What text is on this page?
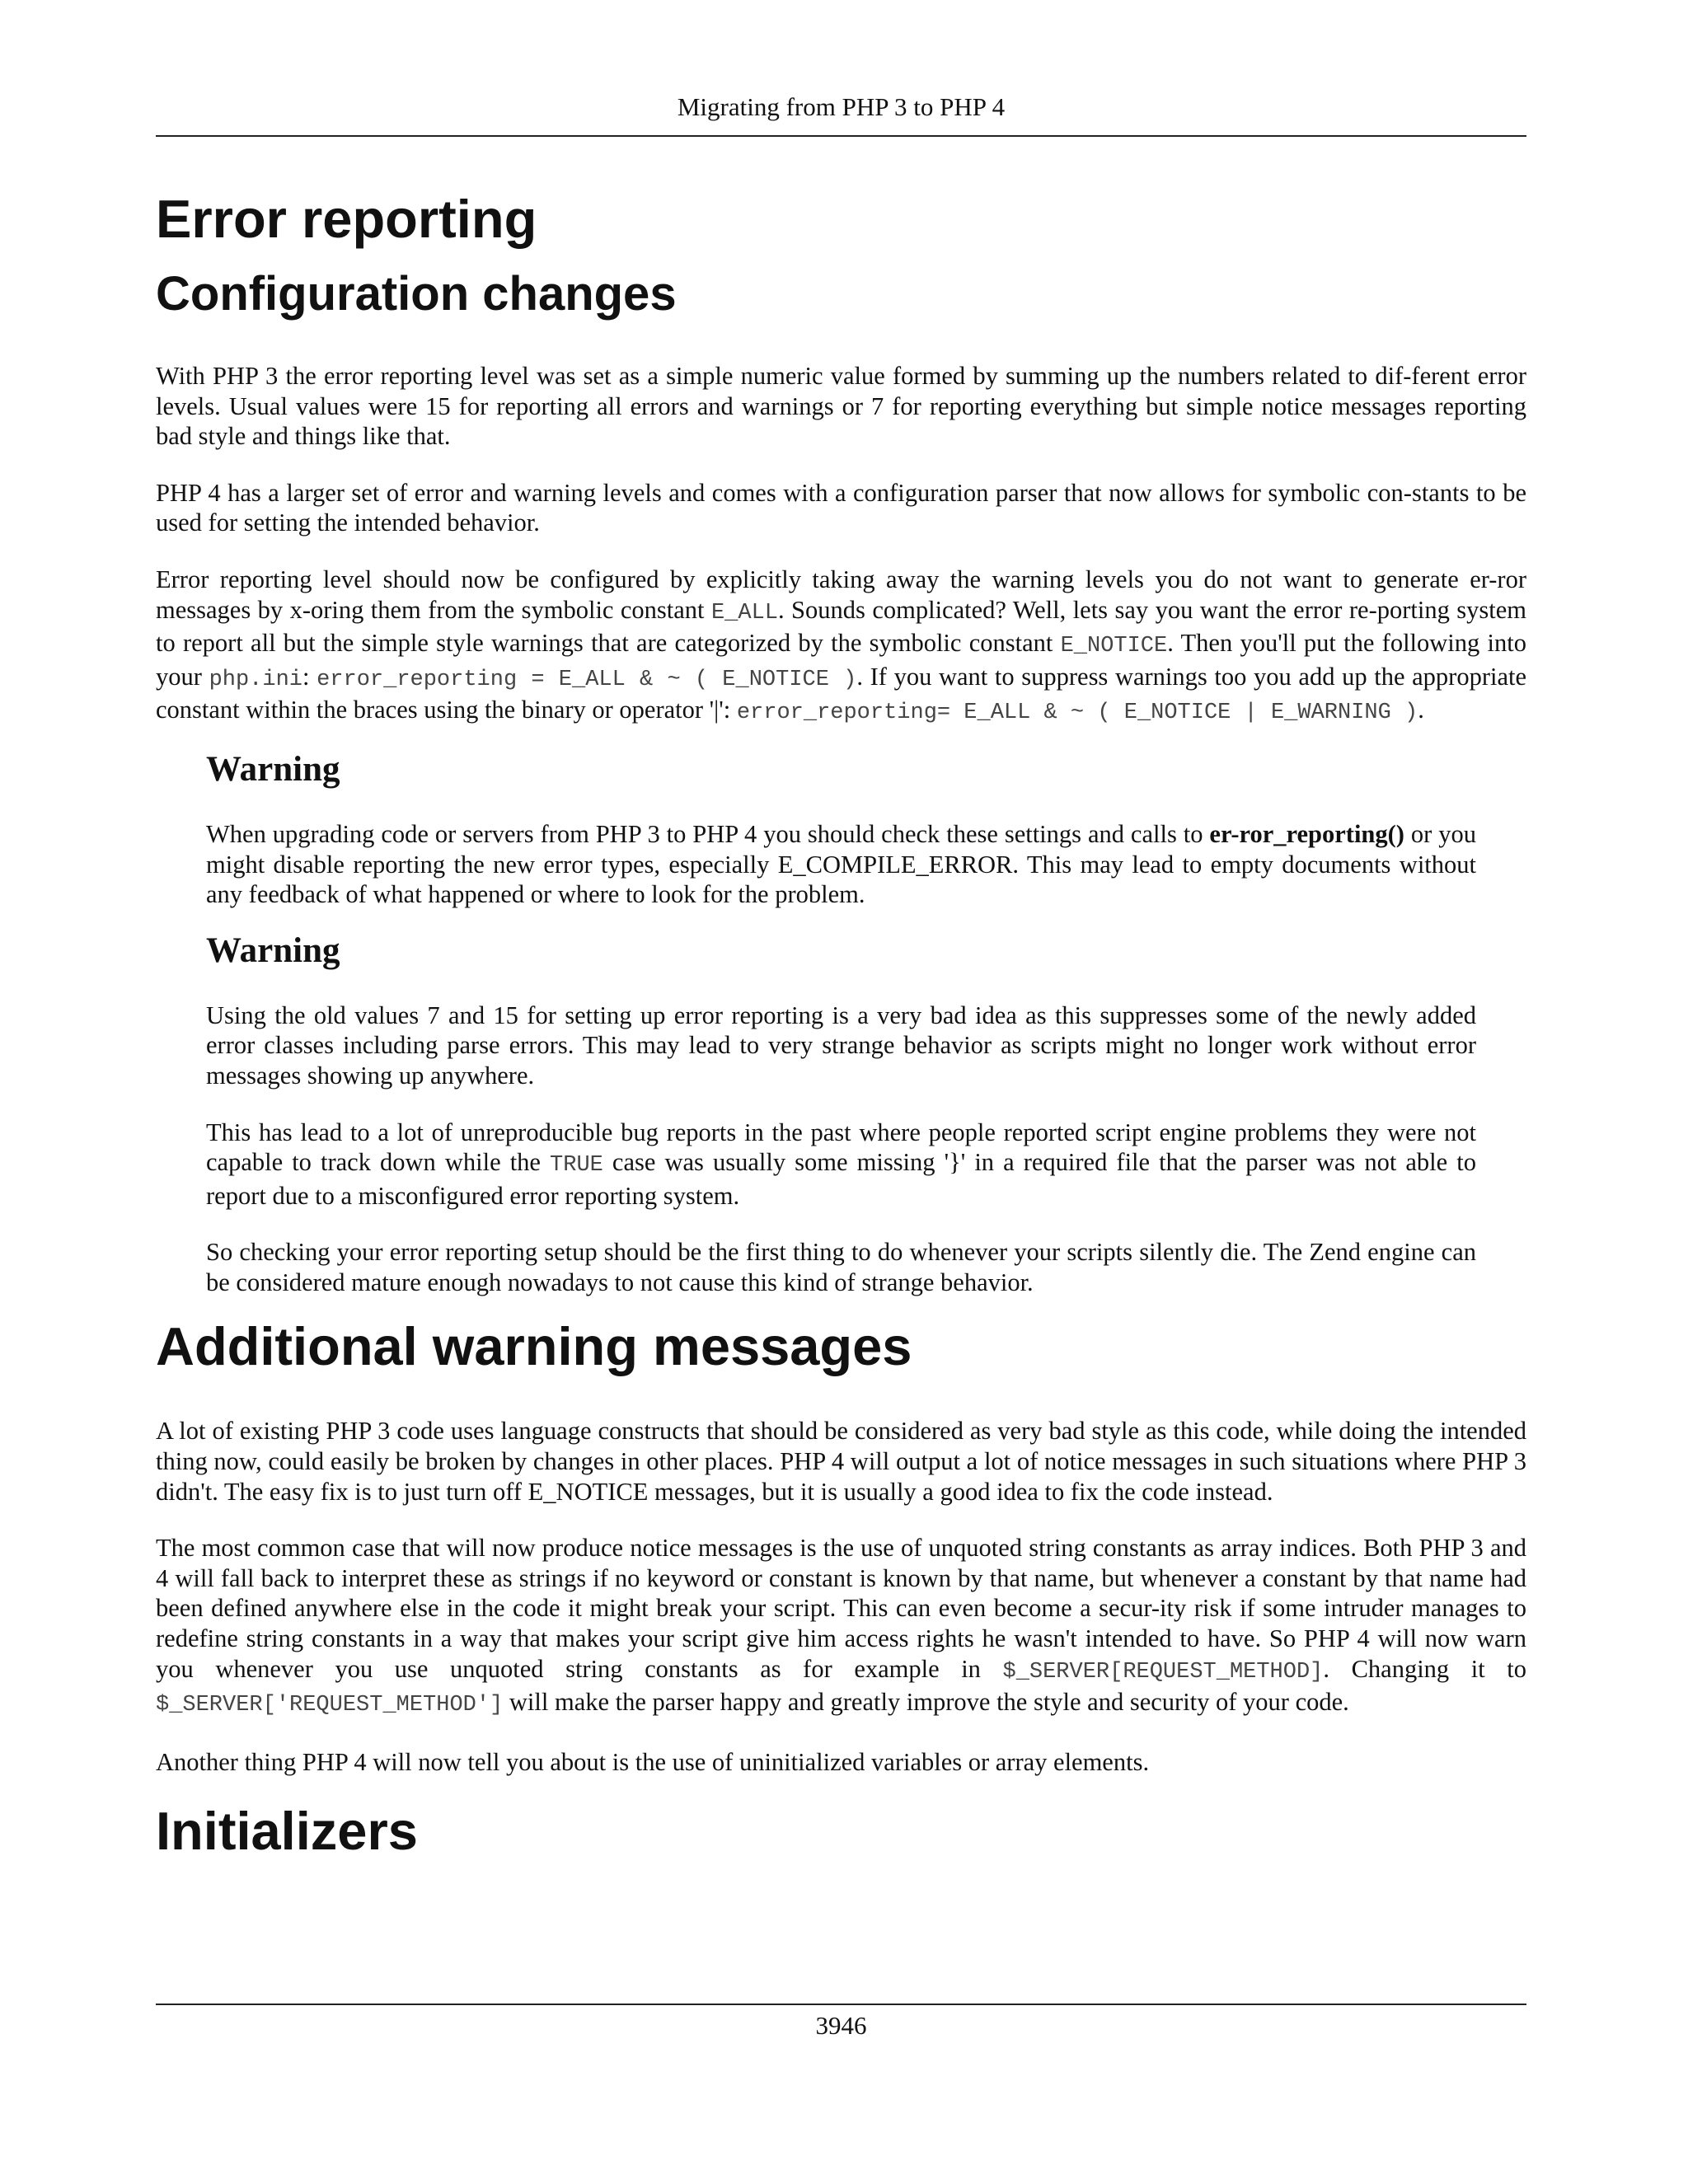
Migrating from PHP 3 to PHP 4
Error reporting
Configuration changes

With PHP 3 the error reporting level was set as a simple numeric value formed by summing up the numbers related to dif-ferent error levels. Usual values were 15 for reporting all errors and warnings or 7 for reporting everything but simple notice messages reporting bad style and things like that.

PHP 4 has a larger set of error and warning levels and comes with a configuration parser that now allows for symbolic con-stants to be used for setting the intended behavior.

Error reporting level should now be configured by explicitly taking away the warning levels you do not want to generate er-ror messages by x-oring them from the symbolic constant E_ALL. Sounds complicated? Well, lets say you want the error re-porting system to report all but the simple style warnings that are categorized by the symbolic constant E_NOTICE. Then you'll put the following into your php.ini: error_reporting = E_ALL & ~ ( E_NOTICE ). If you want to suppress warnings too you add up the appropriate constant within the braces using the binary or operator '|': error_reporting= E_ALL & ~ ( E_NOTICE | E_WARNING ).

Warning

When upgrading code or servers from PHP 3 to PHP 4 you should check these settings and calls to er-ror_reporting() or you might disable reporting the new error types, especially E_COMPILE_ERROR. This may lead to empty documents without any feedback of what happened or where to look for the problem.

Warning

Using the old values 7 and 15 for setting up error reporting is a very bad idea as this suppresses some of the newly added error classes including parse errors. This may lead to very strange behavior as scripts might no longer work without error messages showing up anywhere.

This has lead to a lot of unreproducible bug reports in the past where people reported script engine problems they were not capable to track down while the TRUE case was usually some missing '}' in a required file that the parser was not able to report due to a misconfigured error reporting system.

So checking your error reporting setup should be the first thing to do whenever your scripts silently die. The Zend engine can be considered mature enough nowadays to not cause this kind of strange behavior.

Additional warning messages

A lot of existing PHP 3 code uses language constructs that should be considered as very bad style as this code, while doing the intended thing now, could easily be broken by changes in other places. PHP 4 will output a lot of notice messages in such situations where PHP 3 didn't. The easy fix is to just turn off E_NOTICE messages, but it is usually a good idea to fix the code instead.

The most common case that will now produce notice messages is the use of unquoted string constants as array indices. Both PHP 3 and 4 will fall back to interpret these as strings if no keyword or constant is known by that name, but whenever a constant by that name had been defined anywhere else in the code it might break your script. This can even become a secur-ity risk if some intruder manages to redefine string constants in a way that makes your script give him access rights he wasn't intended to have. So PHP 4 will now warn you whenever you use unquoted string constants as for example in $_SERVER[REQUEST_METHOD]. Changing it to $_SERVER['REQUEST_METHOD'] will make the parser happy and greatly improve the style and security of your code.

Another thing PHP 4 will now tell you about is the use of uninitialized variables or array elements.

Initializers
3946
